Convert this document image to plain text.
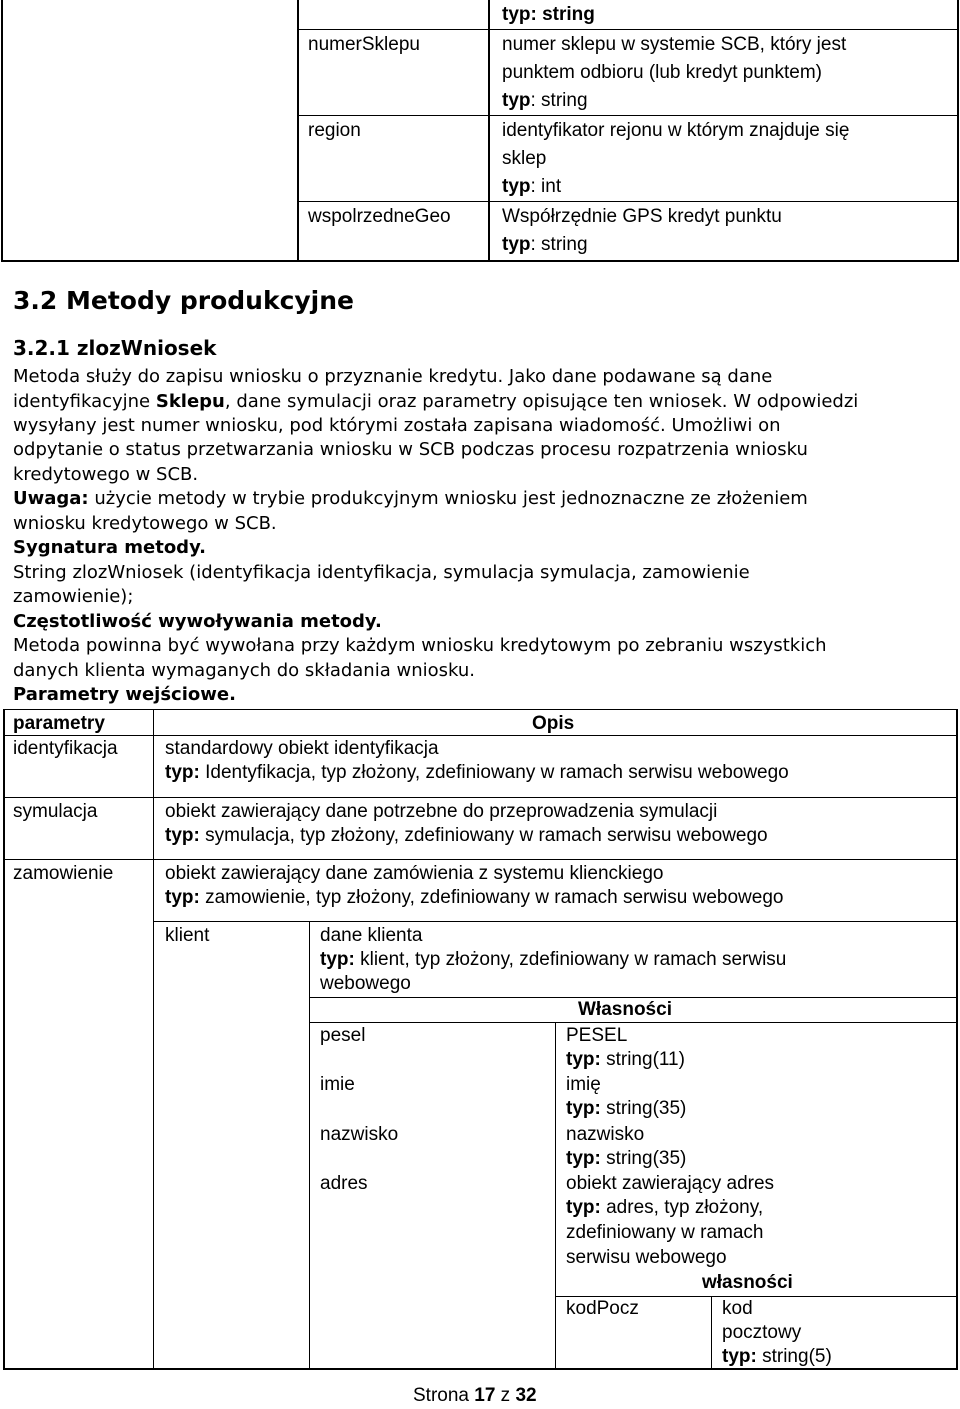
typ: string
numerSklepu	numer sklepu w systemie SCB, który jest
punktem odbioru (lub kredyt punktem)
typ: string
region	identyfikator rejonu w którym znajduje się
sklep
typ: int
wspolrzedneGeo	Współrzędnie GPS kredyt punktu
typ: string
3.2 Metody produkcyjne
3.2.1 zlozWniosek
Metoda służy do zapisu wniosku o przyznanie kredytu. Jako dane podawane są dane
identyfikacyjne Sklepu, dane symulacji oraz parametry opisujące ten wniosek. W odpowiedzi
wysyłany jest numer wniosku, pod którymi została zapisana wiadomość. Umożliwi on
odpytanie o status przetwarzania wniosku w SCB podczas procesu rozpatrzenia wniosku
kredytowego w SCB.
Uwaga: użycie metody w trybie produkcyjnym wniosku jest jednoznaczne ze złożeniem
wniosku kredytowego w SCB.
Sygnatura metody.
String zlozWniosek (identyfikacja identyfikacja, symulacja symulacja, zamowienie
zamowienie);
Częstotliwość wywoływania metody.
Metoda powinna być wywołana przy każdym wniosku kredytowym po zebraniu wszystkich
danych klienta wymaganych do składania wniosku.
Parametry wejściowe.
parametry	Opis
identyfikacja standardowy obiekt identyfikacja
typ: Identyfikacja, typ złożony, zdefiniowany w ramach serwisu webowego
symulacja	obiekt zawierający dane potrzebne do przeprowadzenia symulacji
typ: symulacja, typ złożony, zdefiniowany w ramach serwisu webowego
zamowienie	obiekt zawierający dane zamówienia z systemu klienckiego
typ: zamowienie, typ złożony, zdefiniowany w ramach serwisu webowego
klient	dane klienta
typ: klient, typ złożony, zdefiniowany w ramach serwisu
webowego
Własności
pesel	PESEL
typ: string(11)
imie	imię
typ: string(35)
nazwisko	nazwisko
typ: string(35)
adres	obiekt zawierający adres
typ: adres, typ złożony,
zdefiniowany w ramach
serwisu webowego
własności
kodPocz	kod
pocztowy
typ: string(5)
Strona 17 z 32
